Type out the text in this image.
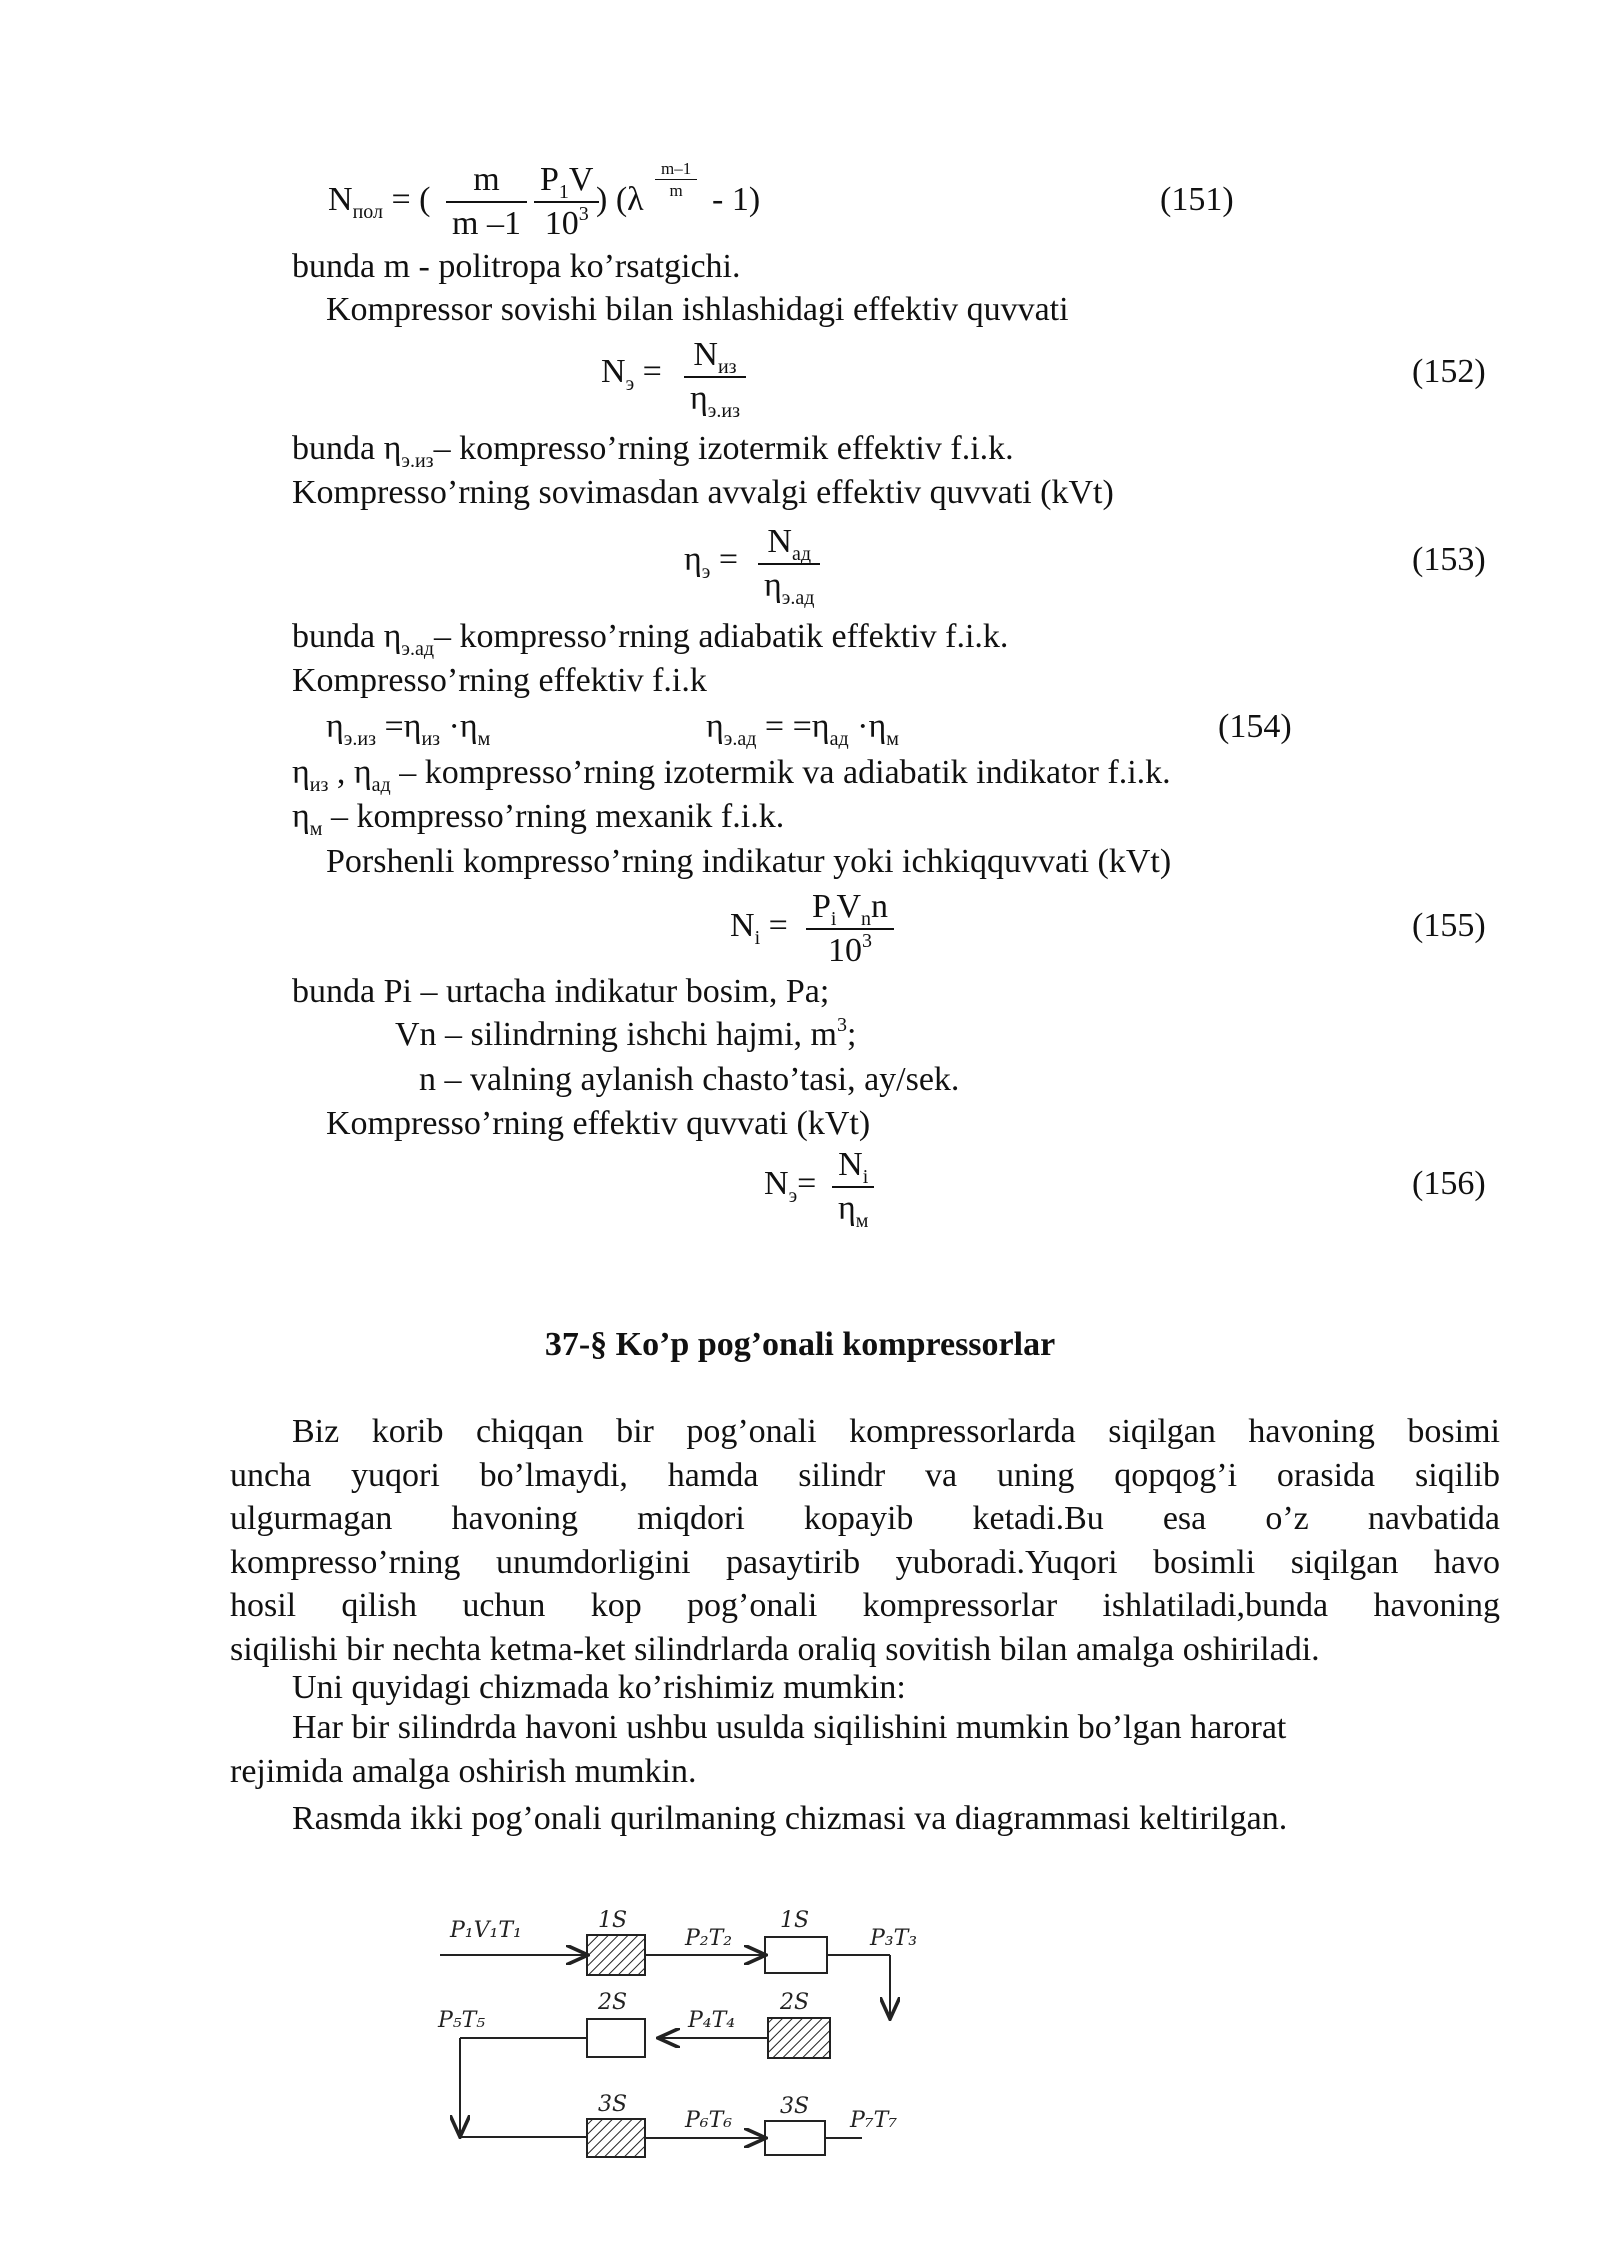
$N_{пол}$ = (
m
m –1
$P_1V$
$10^3$ ) (λ
m–1
m - 1)	(151)
bunda m - politropa ko’rsatgichi.
Kompressor sovishi bilan ishlashidagi effektiv quvvati
$N_э = N_{из}$
$\eta_{э.из}$
(152)
bunda $\eta_{э.из}-$ kompresso’rning izotermik effektiv f.i.k.
Kompresso’rning sovimasdan avvalgi effektiv quvvati (kVt)
$\eta_э = N_{ад}$
$\eta_{э.ад}$
(153)
bunda $\eta_{э.ад}-$ kompresso’rning adiabatik effektiv f.i.k.
Kompresso’rning effektiv f.i.k
$\eta_{э.из} =\eta_{из} \cdot\eta_м$	$\eta_{э.ад} = =\eta_{ад} \cdot\eta_м$	(154)
$\eta_{из}$ , $\eta_{ад}$ – kompresso’rning izotermik va adiabatik indikator f.i.k.
$\eta_м$ – kompresso’rning mexanik f.i.k.
Porshenli kompresso’rning indikatur yoki ichkiqquvvati (kVt)
$N_i$ =
$P_iV_nn$
$10^3$	(155)
bunda Pi – urtacha indikatur bosim, Pa;
Vn – silindrning ishchi hajmi, $m^3$;
n – valning aylanish chasto’tasi, ay/sek.
Kompresso’rning effektiv quvvati (kVt)
$N_э=$
$N_i$
$\eta_м$
(156)
37-§ Ko’p pog’onali kompressorlar
Biz korib chiqqan bir pog’onali kompressorlarda siqilgan havoning bosimi
uncha yuqori bo’lmaydi, hamda silindr va uning qopqog’i orasida siqilib
ulgurmagan havoning miqdori kopayib ketadi.Bu esa o’z navbatida
kompresso’rning unumdorligini pasaytirib yuboradi.Yuqori bosimli siqilgan havo
hosil qilish uchun kop pog’onali kompressorlar ishlatiladi,bunda havoning
siqilishi bir nechta ketma-ket silindrlarda oraliq sovitish bilan amalga oshiriladi.
Uni quyidagi chizmada ko’rishimiz mumkin:
Har bir silindrda havoni ushbu usulda siqilishini mumkin bo’lgan harorat
rejimida amalga oshirish mumkin.
Rasmda ikki pog’onali qurilmaning chizmasi va diagrammasi keltirilgan.
P₁V₁T₁	1S
P₂T₂
1S
P₃T₃
P₅T₅
2S
P₄T₄
2S
3S
P₆T₆
3S
P₇T₇
